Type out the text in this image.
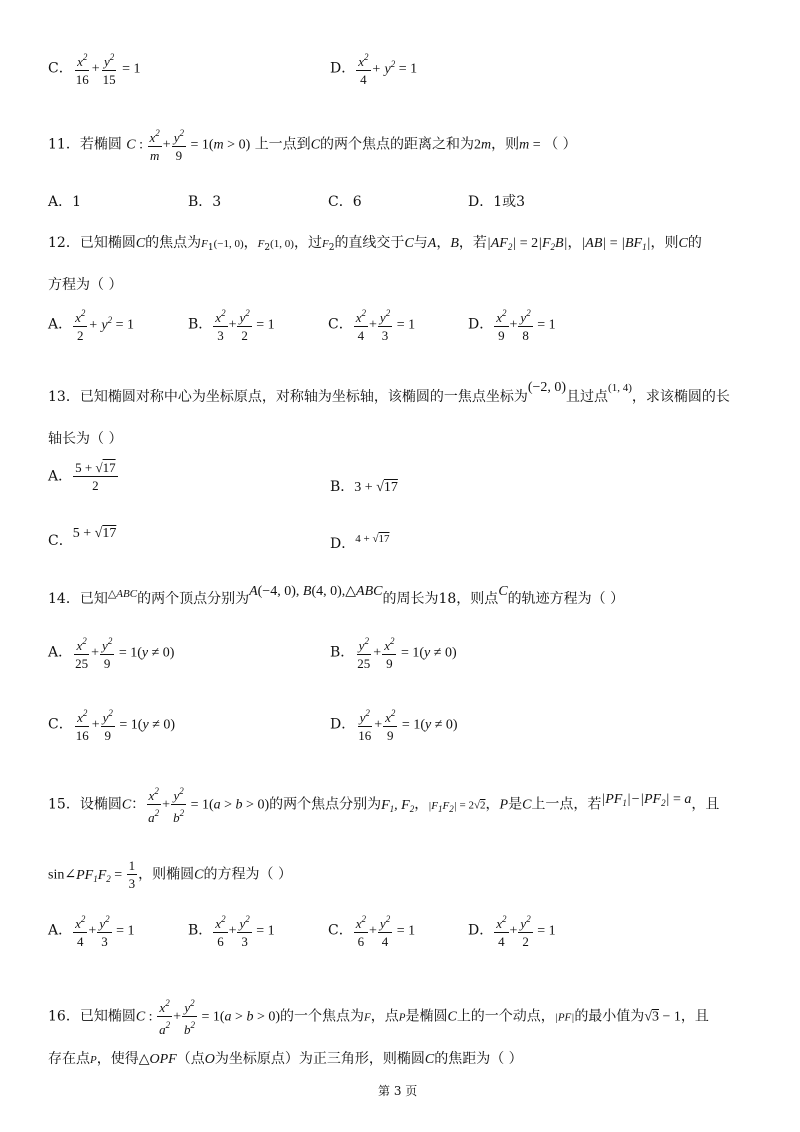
C． $\frac{x^2}{16} + \frac{y^2}{15} = 1$	D． $\frac{x^2}{4} + y^2 = 1$
11．若椭圆 C : $\frac{x^2}{m} + \frac{y^2}{9} = 1(m > 0)$ 上一点到C的两个焦点的距离之和为2m，则m = （ ）
A．1	B．3	C．6	D．1或3
12．已知椭圆C的焦点为$F_1(-1$, 0)，$F_2(1$, 0)，过$F_2$的直线交于C与A，B，若$|AF_2| = 2|F_2B|$，$|AB| = |BF_1|$，则C的
方程为（ ）
A． $\frac{x^2}{2} + y^2 = 1$	B． $\frac{x^2}{3} + \frac{y^2}{2} = 1$	C． $\frac{x^2}{4} + \frac{y^2}{3} = 1$	D． $\frac{x^2}{9} + \frac{y^2}{8} = 1$
13．已知椭圆对称中心为坐标原点，对称轴为坐标轴，该椭圆的一焦点坐标为(−2, 0)且过点$^{(1, 4)}$，求该椭圆的长
轴长为（ ）
A． $\frac{5 + √17}{2}$	B．3 + √17
C．5 + √17
D．$^{4 + √17}$
14．已知$^{\triangle ABC}$的两个顶点分别为A(−4, 0), B(4, 0),△ABC的周长为18，则点C的轨迹方程为（ ）
A． $\frac{x^2}{25} + \frac{y^2}{9} = 1(y \ne 0)$	B． $\frac{y^2}{25} + \frac{x^2}{9} = 1(y \ne 0)$
C． $\frac{x^2}{16} + \frac{y^2}{9} = 1(y \ne 0)$	D． $\frac{y^2}{16} + \frac{x^2}{9} = 1(y \ne 0)$
15．设椭圆C： $\frac{x^2}{a^2} + \frac{y^2}{b^2} = 1(a > b > 0)$的两个焦点分别为$F_1$, $F_2$，$|F_1F_2| = 2√2$，P是C上一点，若$|PF_1|-|PF_2| = a$，且
$\sin\angle PF_1F_2 = \frac{1}{3}$ ，则椭圆C的方程为（ ）
A． $\frac{x^2}{4} + \frac{y^2}{3} = 1$	B． $\frac{x^2}{6} + \frac{y^2}{3} = 1$	C． $\frac{x^2}{6} + \frac{y^2}{4} = 1$	D． $\frac{x^2}{4} + \frac{y^2}{2} = 1$
16．已知椭圆C : $\frac{x^2}{a^2} + \frac{y^2}{b^2} = 1(a > b > 0)$的一个焦点为F，点P是椭圆C上的一个动点，|PF|的最小值为√3 − 1，且
存在点P，使得△OPF（点O为坐标原点）为正三角形，则椭圆C的焦距为（ ）
第 3 页
